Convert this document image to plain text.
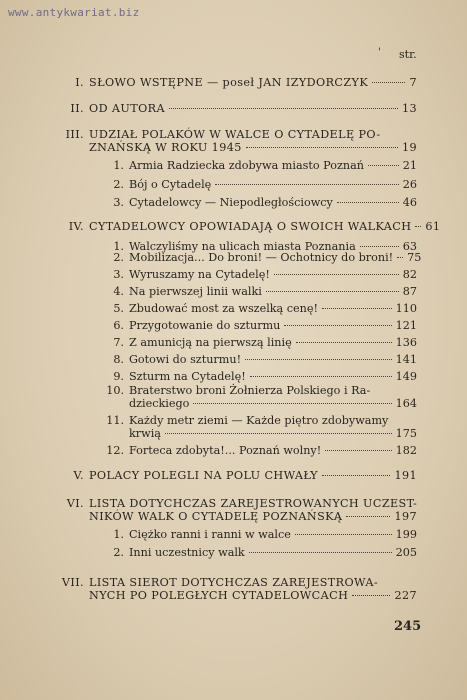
www.antykwariat.biz
' str.
I. SŁOWO WSTĘPNE — poseł JAN IZYDORCZYK	7
II. OD AUTORA	13
III. UDZIAŁ POLAKÓW W WALCE O CYTADELĘ PO-
ZNAŃSKĄ W ROKU 1945	19
1. Armia Radziecka zdobywa miasto Poznań	21
2. Bój o Cytadelę	26
3. Cytadelowcy — Niepodległościowcy	46
IV. CYTADELOWCY OPOWIADAJĄ O SWOICH WALKACH 61
1. Walczyliśmy na ulicach miasta Poznania	63
2. Mobilizacja... Do broni! — Ochotnicy do broni! 75
3. Wyruszamy na Cytadelę!	82
4. Na pierwszej linii walki	87
5. Zbudować most za wszelką cenę!	110
6. Przygotowanie do szturmu	121
7. Z amunicją na pierwszą linię	136
8. Gotowi do szturmu!	141
9. Szturm na Cytadelę!	149
10. Braterstwo broni Żołnierza Polskiego i Ra-
dzieckiego	164
11. Każdy metr ziemi — Każde piętro zdobywamy
krwią	175
12. Forteca zdobyta!... Poznań wolny!	182
V. POLACY POLEGLI NA POLU CHWAŁY	191
VI. LISTA DOTYCHCZAS ZAREJESTROWANYCH UCZEST-
NIKÓW WALK O CYTADELĘ POZNAŃSKĄ	197
1. Ciężko ranni i ranni w walce	199
2. Inni uczestnicy walk	205
VII. LISTA SIEROT DOTYCHCZAS ZAREJESTROWA-
NYCH PO POLEGŁYCH CYTADELOWCACH	227
245
